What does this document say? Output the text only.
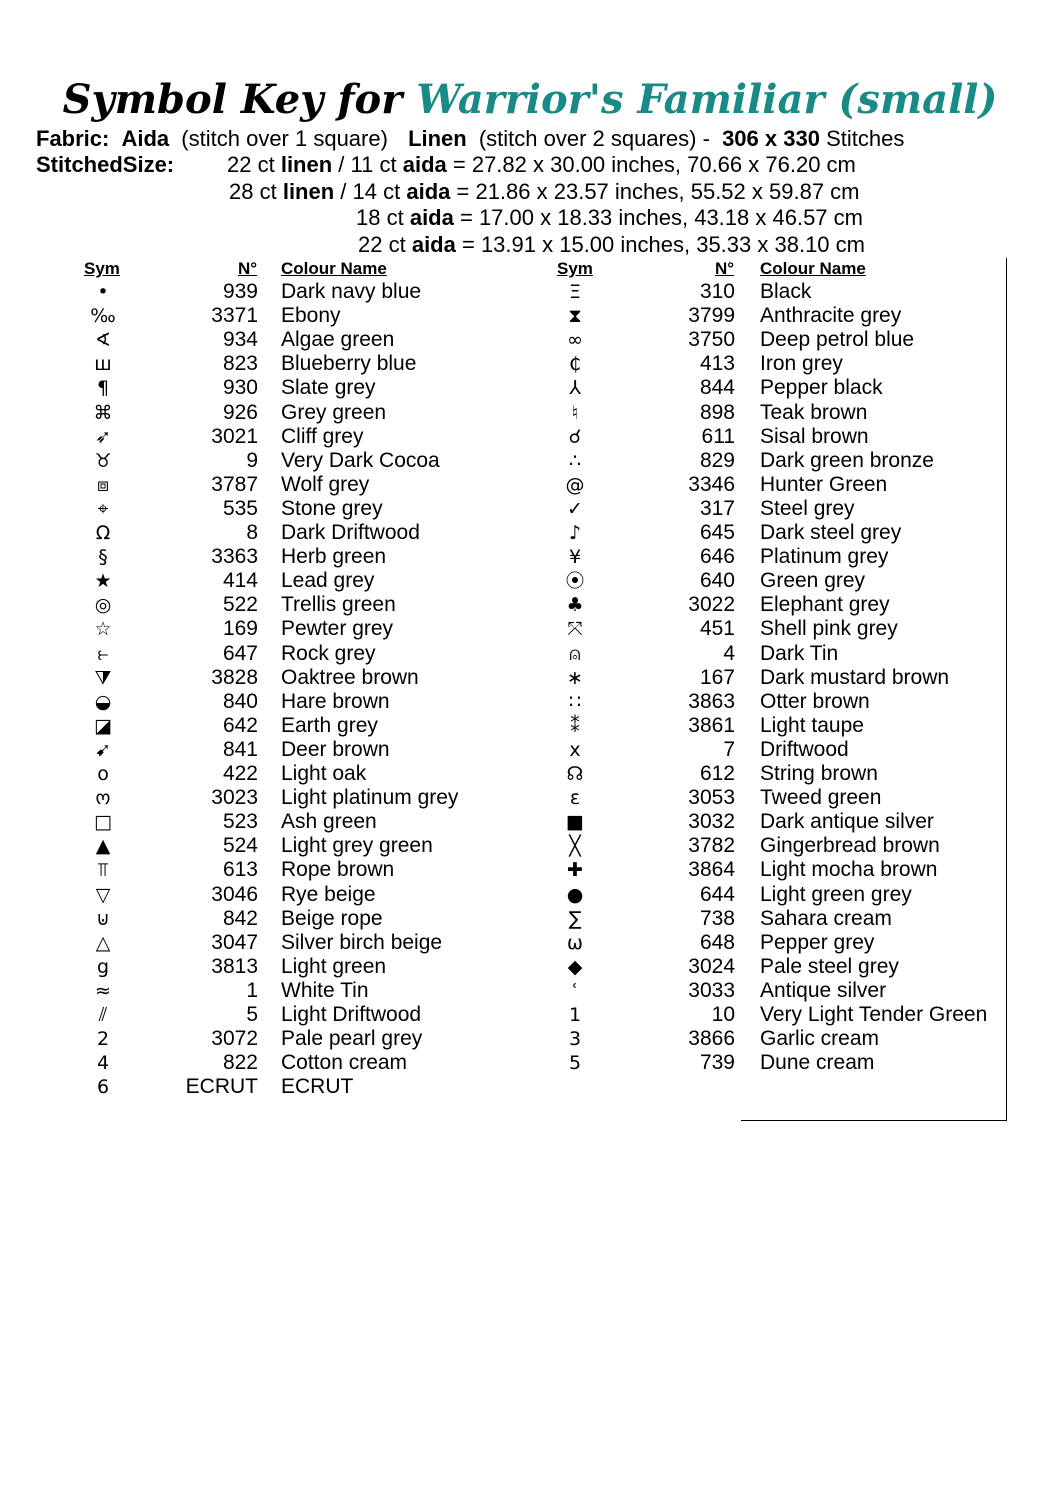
Symbol Key for Warrior's Familiar (small)
Fabric: Aida (stitch over 1 square) Linen (stitch over 2 squares) - 306 x 330 Stitches
StitchedSize: 22 ct linen / 11 ct aida = 27.82 x 30.00 inches, 70.66 x 76.20 cm
28 ct linen / 14 ct aida = 21.86 x 23.57 inches, 55.52 x 59.87 cm
18 ct aida = 17.00 x 18.33 inches, 43.18 x 46.57 cm
22 ct aida = 13.91 x 15.00 inches, 35.33 x 38.10 cm
Sym	N° Colour Name	Sym	N° Colour Name
•	939 Dark navy blue
‰	3371 Ebony
∢	934 Algae green
ш	823 Blueberry blue
¶	930 Slate grey
⌘	926 Grey green
➶	3021 Cliff grey
♉	9 Very Dark Cocoa
⧈	3787 Wolf grey
⌖	535 Stone grey
Ω	8 Dark Driftwood
§	3363 Herb green
★	414 Lead grey
◎	522 Trellis green
☆	169 Pewter grey
⥼	647 Rock grey
⧩	3828 Oaktree brown
◒	840 Hare brown
◪	642 Earth grey
➹	841 Deer brown
o	422 Light oak
ო	3023 Light platinum grey
□	523 Ash green
▲	524 Light grey green
⫪	613 Rope brown
▽	3046 Rye beige
⊍	842 Beige rope
△	3047 Silver birch beige
g	3813 Light green
≈	1 White Tin
⫽	5 Light Driftwood
2	3072 Pale pearl grey
4	822 Cotton cream
6	ECRUT ECRUT
Ξ	310 Black
⧗	3799 Anthracite grey
∞	3750 Deep petrol blue
₵	413 Iron grey
⅄	844 Pepper black
♮	898 Teak brown
☌	611 Sisal brown
∴	829 Dark green bronze
@	3346 Hunter Green
✓	317 Steel grey
♪	645 Dark steel grey
¥	646 Platinum grey
⦿	640 Green grey
♣	3022 Elephant grey
⤧	451 Shell pink grey
⍝	4 Dark Tin
∗	167 Dark mustard brown
∷	3863 Otter brown
⁑	3861 Light taupe
x	7 Driftwood
☊	612 String brown
ɛ	3053 Tweed green
■	3032 Dark antique silver
╳	3782 Gingerbread brown
✚	3864 Light mocha brown
●	644 Light green grey
∑	738 Sahara cream
ω	648 Pepper grey
◆	3024 Pale steel grey
ʿ	3033 Antique silver
1	10 Very Light Tender Green
3	3866 Garlic cream
5	739 Dune cream
